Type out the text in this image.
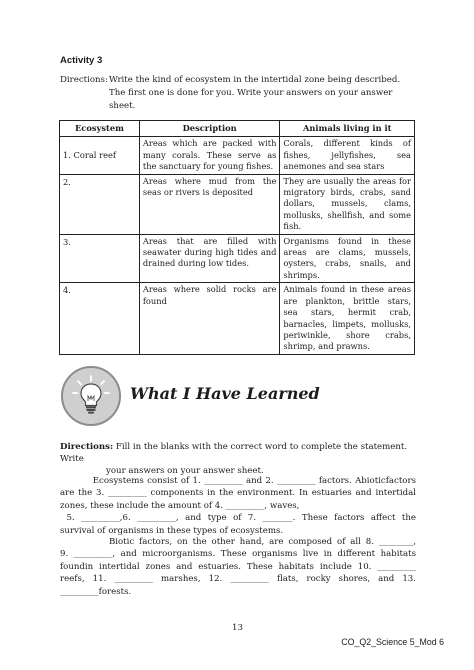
Activity 3
Directions:Write the kind of ecosystem in the intertidal zone being described.
The first one is done for you. Write your answers on your answer sheet.
Ecosystem	Description	Animals living in it
1. Coral reef	Areas which are packed with many corals. These serve as the sanctuary for young fishes.	Corals, different kinds of fishes, jellyfishes, sea anemones and sea stars
2.	Areas where mud from the seas or rivers is deposited	They are usually the areas for migratory birds, crabs, sand dollars, mussels, clams, mollusks, shellfish, and some fish.
3.	Areas that are filled with seawater during high tides and drained during low tides.	Organisms found in these areas are clams, mussels, oysters, crabs, snails, and shrimps.
4.	Areas where solid rocks are found	Animals found in these areas are plankton, brittle stars, sea stars, hermit crab, barnacles, limpets, mollusks, periwinkle, shore crabs, shrimp, and prawns.
What I Have Learned
Directions: Fill in the blanks with the correct word to complete the statement. Write
your answers on your answer sheet.
Ecosystems consist of 1. _________ and 2. _________ factors. Abioticfactors
are the 3. _________ components in the environment. In estuaries and intertidal
zones, these include the amount of 4. _________, waves,
5. _________,6. _________, and type of 7. _______. These factors affect the
survival of organisms in these types of ecosystems.
Biotic factors, on the other hand, are composed of all 8. ________,
9. _________, and microorganisms. These organisms live in different habitats
foundin intertidal zones and estuaries. These habitats include 10. _________
reefs, 11. _________ marshes, 12. _________ flats, rocky shores, and 13.
_________forests.
13
CO_Q2_Science 5_Mod 6
